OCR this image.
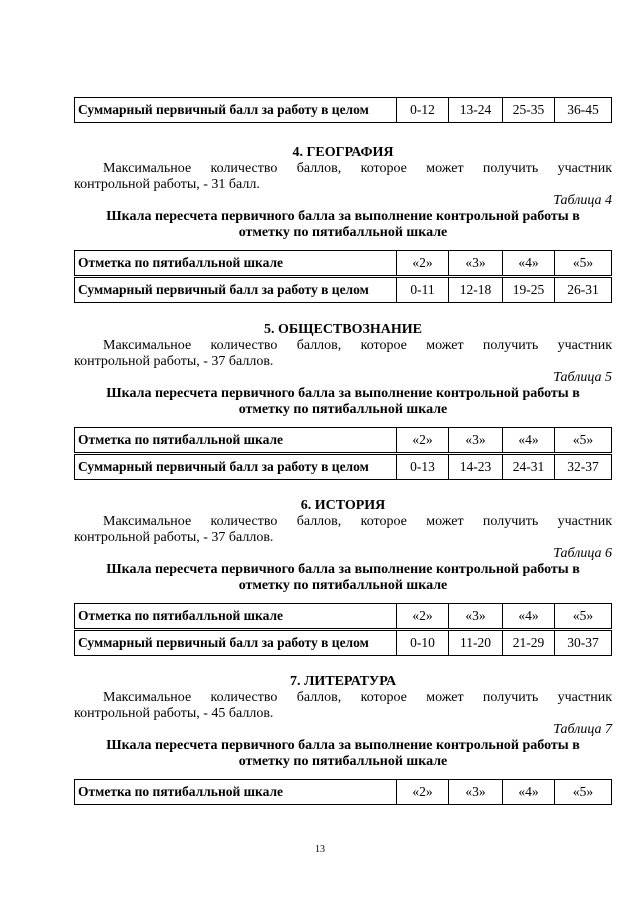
Суммарный первичный балл за работу в целом	0-12	13-24	25-35	36-45

4. ГЕОГРАФИЯ

Максимальное количество баллов, которое может получить участник
контрольной работы, - 31 балл.

Таблица 4

Шкала пересчета первичного балла за выполнение контрольной работы в
отметку по пятибалльной шкале

Отметка по пятибалльной шкале	«2»	«3»	«4»	«5»
Суммарный первичный балл за работу в целом	0-11	12-18	19-25	26-31

5. ОБЩЕСТВОЗНАНИЕ

Максимальное количество баллов, которое может получить участник
контрольной работы, - 37 баллов.

Таблица 5

Шкала пересчета первичного балла за выполнение контрольной работы в
отметку по пятибалльной шкале

Отметка по пятибалльной шкале	«2»	«3»	«4»	«5»
Суммарный первичный балл за работу в целом	0-13	14-23	24-31	32-37

6. ИСТОРИЯ

Максимальное количество баллов, которое может получить участник
контрольной работы, - 37 баллов.

Таблица 6

Шкала пересчета первичного балла за выполнение контрольной работы в
отметку по пятибалльной шкале

Отметка по пятибалльной шкале	«2»	«3»	«4»	«5»
Суммарный первичный балл за работу в целом	0-10	11-20	21-29	30-37

7. ЛИТЕРАТУРА

Максимальное количество баллов, которое может получить участник
контрольной работы, - 45 баллов.

Таблица 7

Шкала пересчета первичного балла за выполнение контрольной работы в
отметку по пятибалльной шкале

Отметка по пятибалльной шкале	«2»	«3»	«4»	«5»
13
